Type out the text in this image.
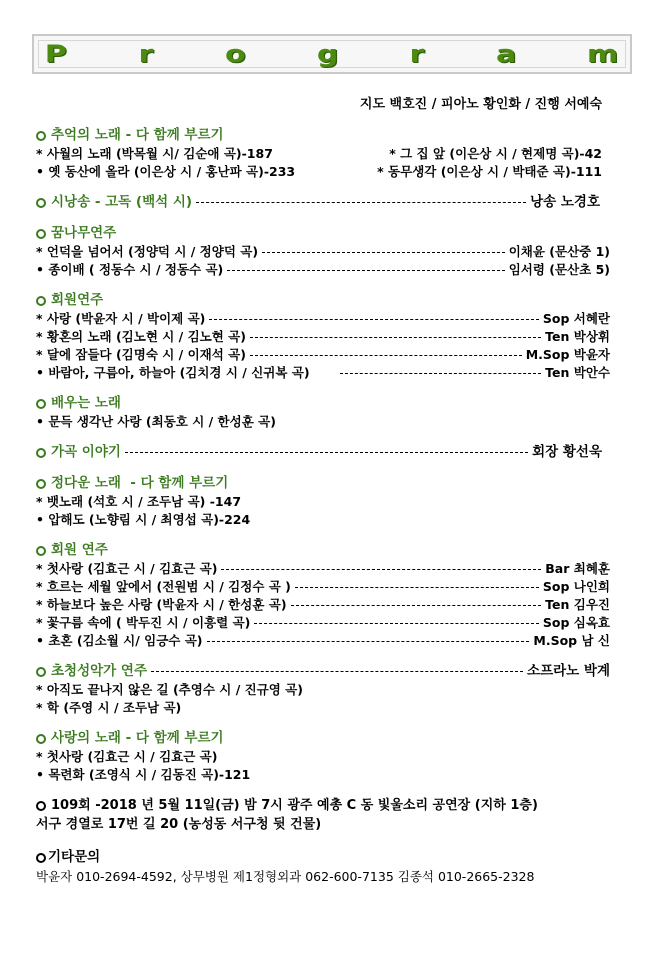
P	r	o	g	r	a	m
지도 백호진 / 피아노 황인화 / 진행 서예숙
추억의 노래 - 다 함께 부르기
* 사월의 노래 (박목월 시/ 김순애 곡)-187	* 그 집 앞 (이은상 시 / 현제명 곡)-42
• 옛 동산에 올라 (이은상 시 / 홍난파 곡)-233	* 동무생각 (이은상 시 / 박태준 곡)-111
시낭송 - 고독 (백석 시)	낭송 노경호
꿈나무연주
* 언덕을 넘어서 (정양덕 시 / 정양덕 곡)	이채윤 (문산중 1)
• 종이배 ( 정동수 시 / 정동수 곡)	임서령 (문산초 5)
회원연주
* 사랑 (박윤자 시 / 박이제 곡)	Sop 서혜란
* 황혼의 노래 (김노현 시 / 김노현 곡)	Ten 박상휘
* 달에 잠들다 (김명숙 시 / 이재석 곡)	M.Sop 박윤자
• 바람아, 구름아, 하늘아 (김치경 시 / 신귀복 곡)	Ten 박안수
배우는 노래
• 문득 생각난 사랑 (최동호 시 / 한성훈 곡)
가곡 이야기	회장 황선욱
정다운 노래  - 다 함께 부르기
* 뱃노래 (석호 시 / 조두남 곡) -147
• 압해도 (노향림 시 / 최영섭 곡)-224
회원 연주
* 첫사랑 (김효근 시 / 김효근 곡)	Bar 최혜훈
* 흐르는 세월 앞에서 (전원범 시 / 김정수 곡 )	Sop 나인희
* 하늘보다 높은 사랑 (박윤자 시 / 한성훈 곡)	Ten 김우진
* 꽃구름 속에 ( 박두진 시 / 이흥렬 곡)	Sop 심옥효
• 초혼 (김소월 시/ 임긍수 곡)	M.Sop 남 신
초청성악가 연주	소프라노 박계
* 아직도 끝나지 않은 길 (추영수 시 / 진규영 곡)
* 학 (주영 시 / 조두남 곡)
사랑의 노래 - 다 함께 부르기
* 첫사랑 (김효근 시 / 김효근 곡)
• 목련화 (조영식 시 / 김동진 곡)-121
109회 -2018 년 5월 11일(금) 밤 7시 광주 예총 C 동 빛울소리 공연장 (지하 1층)
서구 경열로 17번 길 20 (농성동 서구청 뒷 건물)
기타문의
박윤자 010-2694-4592, 상무병원 제1정형외과 062-600-7135 김종석 010-2665-2328
